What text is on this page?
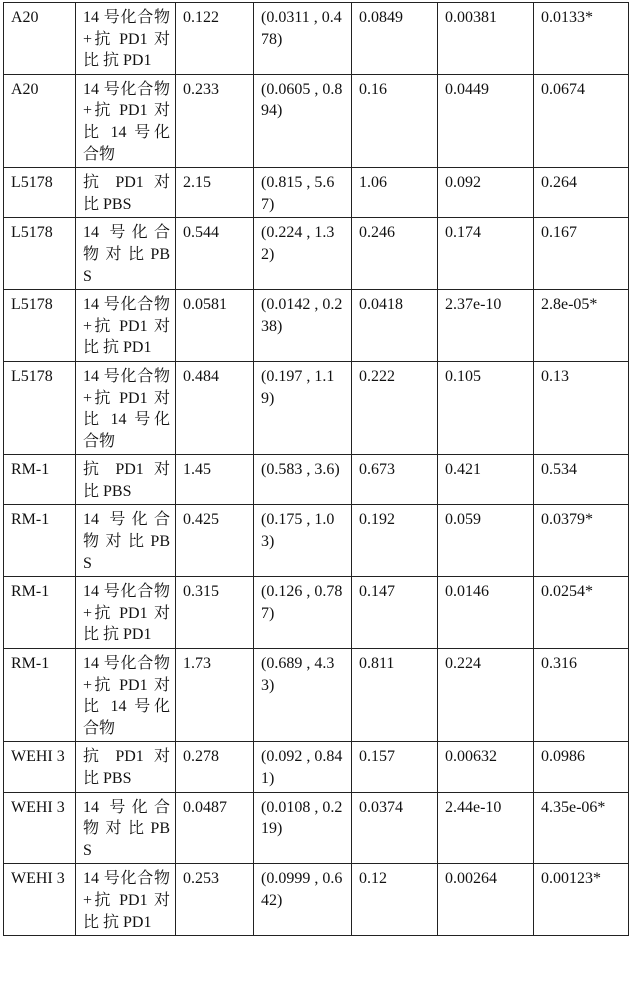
A20	14 号化合物+抗 PD1 对 比 抗 PD1	0.122	(0.0311 , 0.478)	0.0849	0.00381	0.0133*
A20	14 号化合物+抗 PD1 对比 14 号化合物	0.233	(0.0605 , 0.894)	0.16	0.0449	0.0674
L5178	抗 PD1 对 比 PBS	2.15	(0.815 , 5.67)	1.06	0.092	0.264
L5178	14 号化合 物 对 比 PBS	0.544	(0.224 , 1.32)	0.246	0.174	0.167
L5178	14 号化合物+抗 PD1 对 比 抗 PD1	0.0581	(0.0142 , 0.238)	0.0418	2.37e-10	2.8e-05*
L5178	14 号化合物+抗 PD1 对比 14 号化合物	0.484	(0.197 , 1.19)	0.222	0.105	0.13
RM-1	抗 PD1 对 比 PBS	1.45	(0.583 , 3.6)	0.673	0.421	0.534
RM-1	14 号化合 物 对 比 PBS	0.425	(0.175 , 1.03)	0.192	0.059	0.0379*
RM-1	14 号化合物+抗 PD1 对 比 抗 PD1	0.315	(0.126 , 0.787)	0.147	0.0146	0.0254*
RM-1	14 号化合物+抗 PD1 对比 14 号化合物	1.73	(0.689 , 4.33)	0.811	0.224	0.316
WEHI 3	抗 PD1 对 比 PBS	0.278	(0.092 , 0.841)	0.157	0.00632	0.0986
WEHI 3	14 号化合 物 对 比 PBS	0.0487	(0.0108 , 0.219)	0.0374	2.44e-10	4.35e-06*
WEHI 3	14 号化合物+抗 PD1 对 比 抗 PD1	0.253	(0.0999 , 0.642)	0.12	0.00264	0.00123*
